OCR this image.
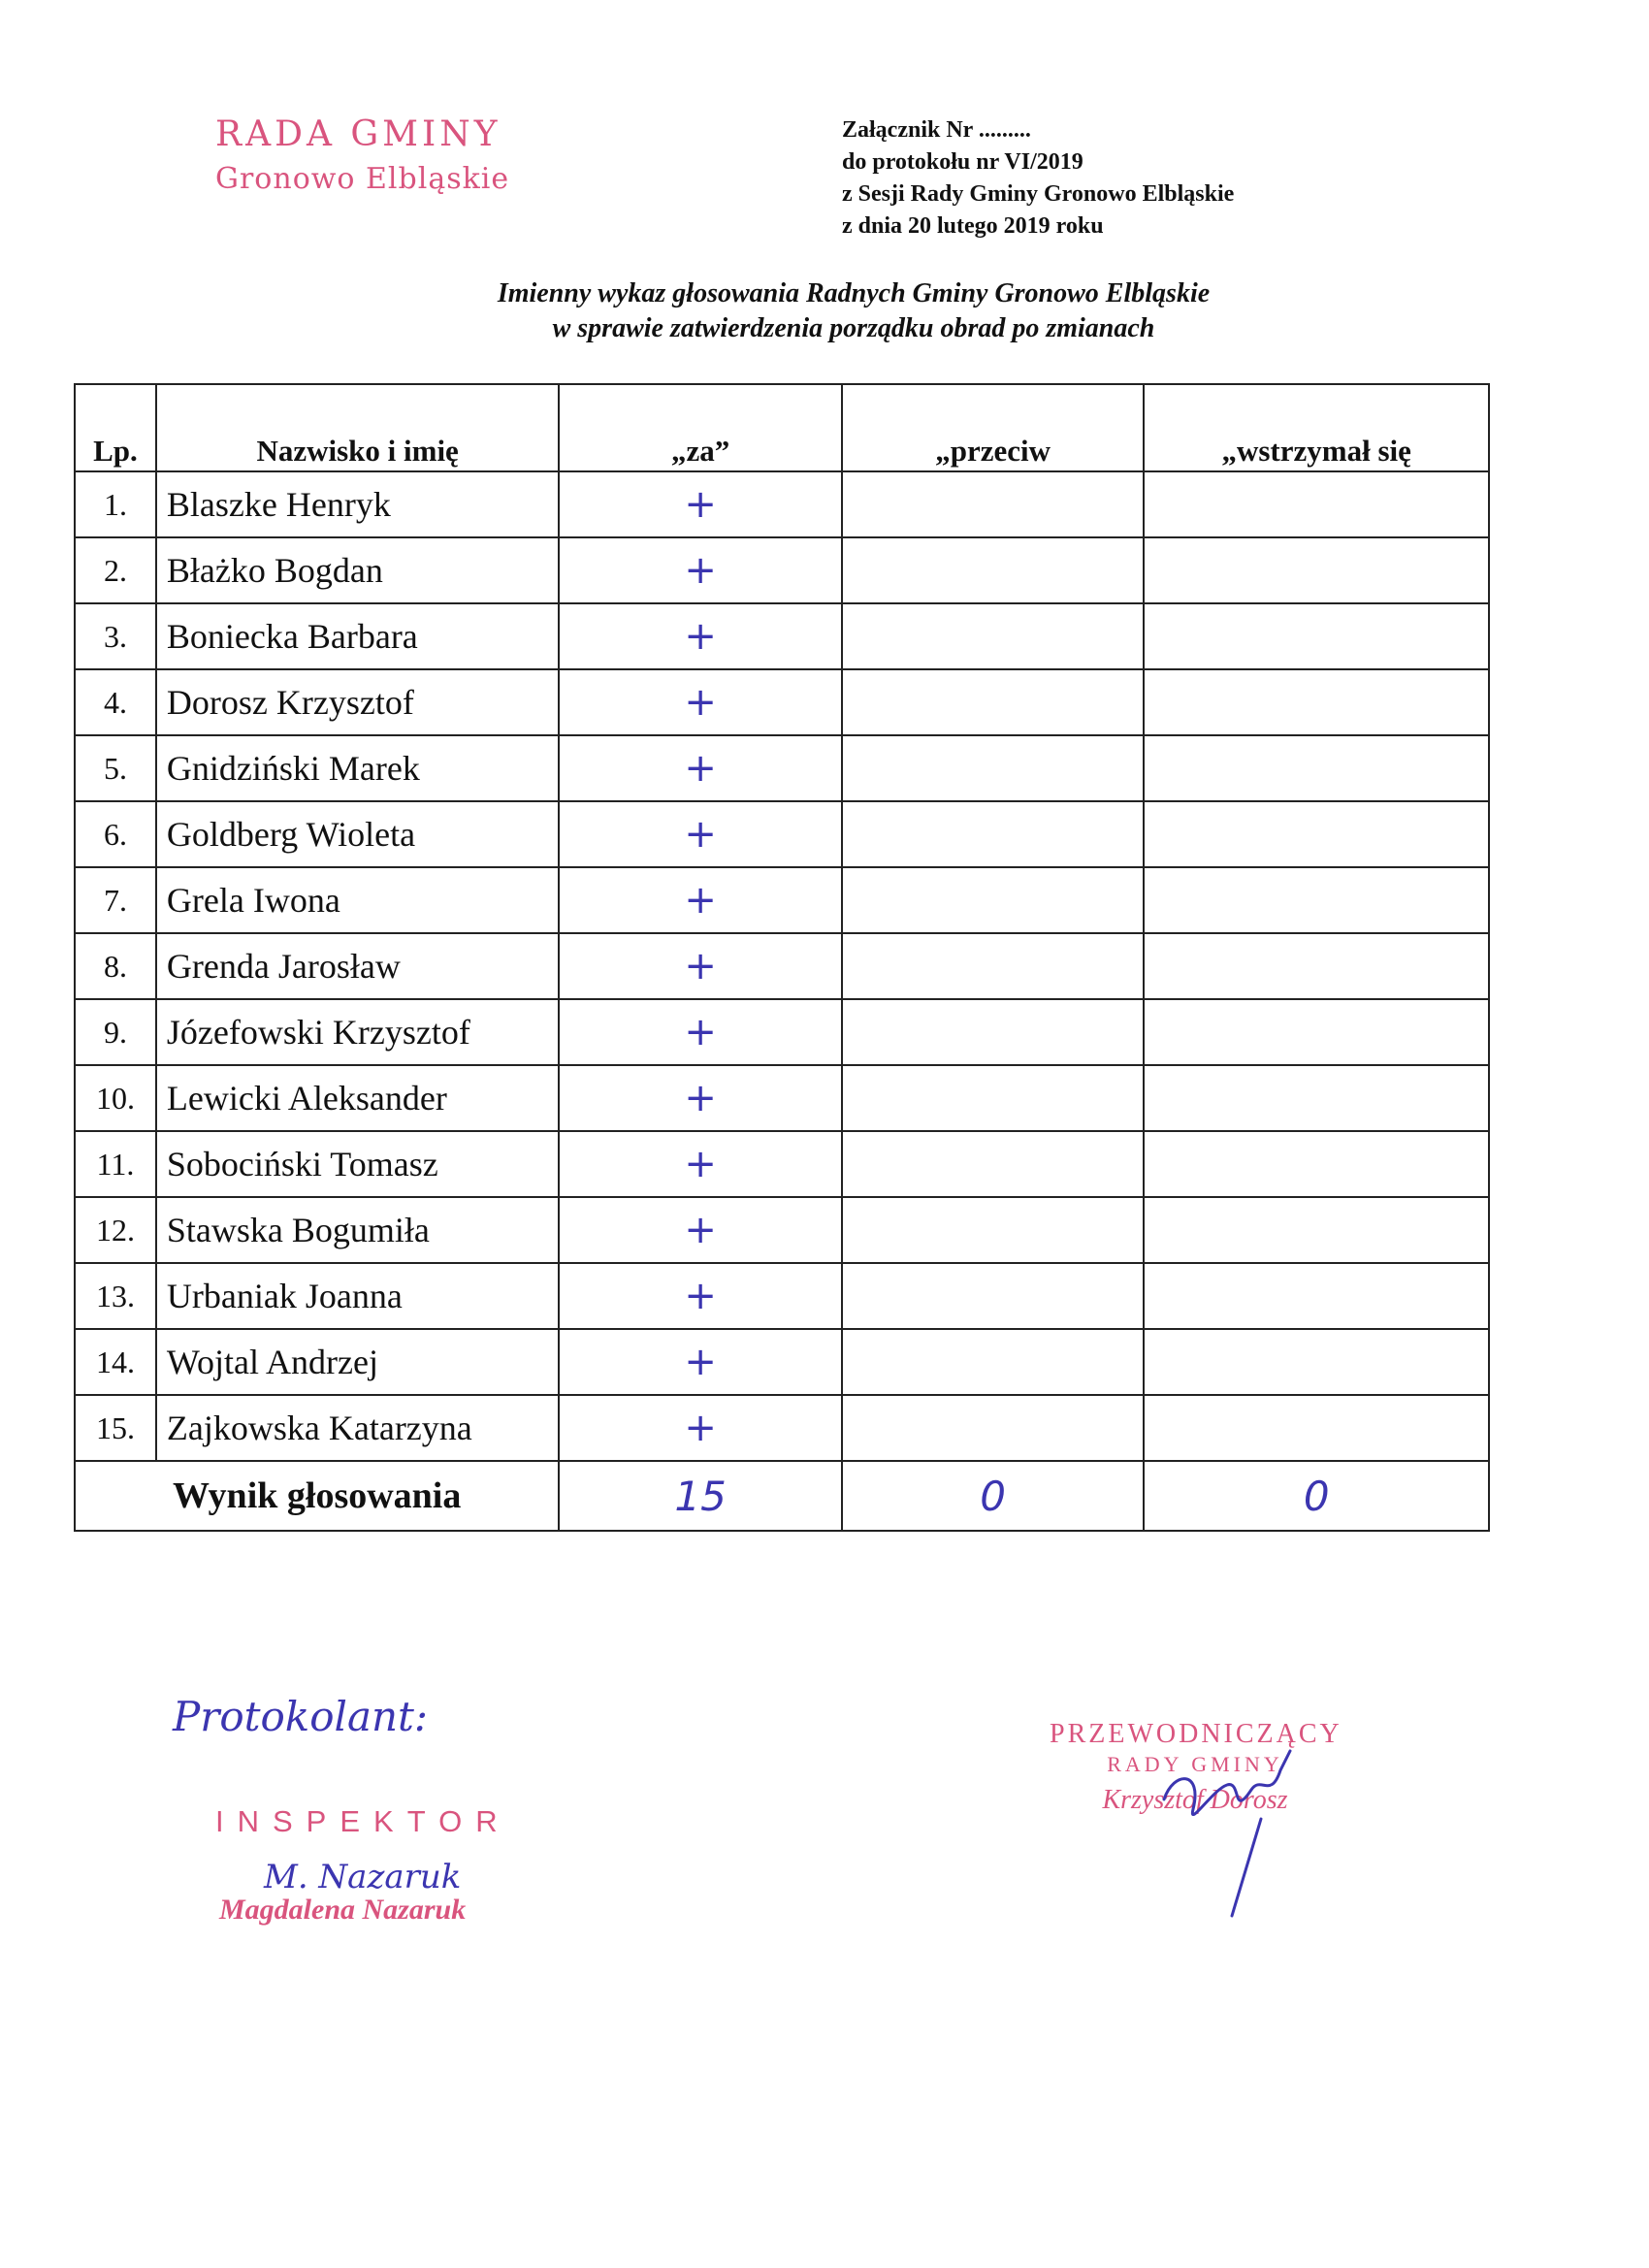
RADA GMINY
Gronowo Elbląskie
Załącznik Nr .........
do protokołu nr VI/2019
z Sesji Rady Gminy Gronowo Elbląskie
z dnia 20 lutego 2019 roku
Imienny wykaz głosowania Radnych Gminy Gronowo Elbląskie
w sprawie zatwierdzenia porządku obrad po zmianach
Lp.	Nazwisko i imię	„za”	„przeciw	„wstrzymał się
1.	Blaszke Henryk	+		
2.	Błażko Bogdan	+		
3.	Boniecka Barbara	+		
4.	Dorosz Krzysztof	+		
5.	Gnidziński Marek	+		
6.	Goldberg Wioleta	+		
7.	Grela Iwona	+		
8.	Grenda Jarosław	+		
9.	Józefowski Krzysztof	+		
10.	Lewicki Aleksander	+		
11.	Sobociński Tomasz	+		
12.	Stawska Bogumiła	+		
13.	Urbaniak Joanna	+		
14.	Wojtal Andrzej	+		
15.	Zajkowska Katarzyna	+		
Wynik głosowania		15	0	0
Protokolant:
INSPEKTOR
M. Nazaruk
Magdalena Nazaruk
PRZEWODNICZĄCY
RADY GMINY
Krzysztof Dorosz
